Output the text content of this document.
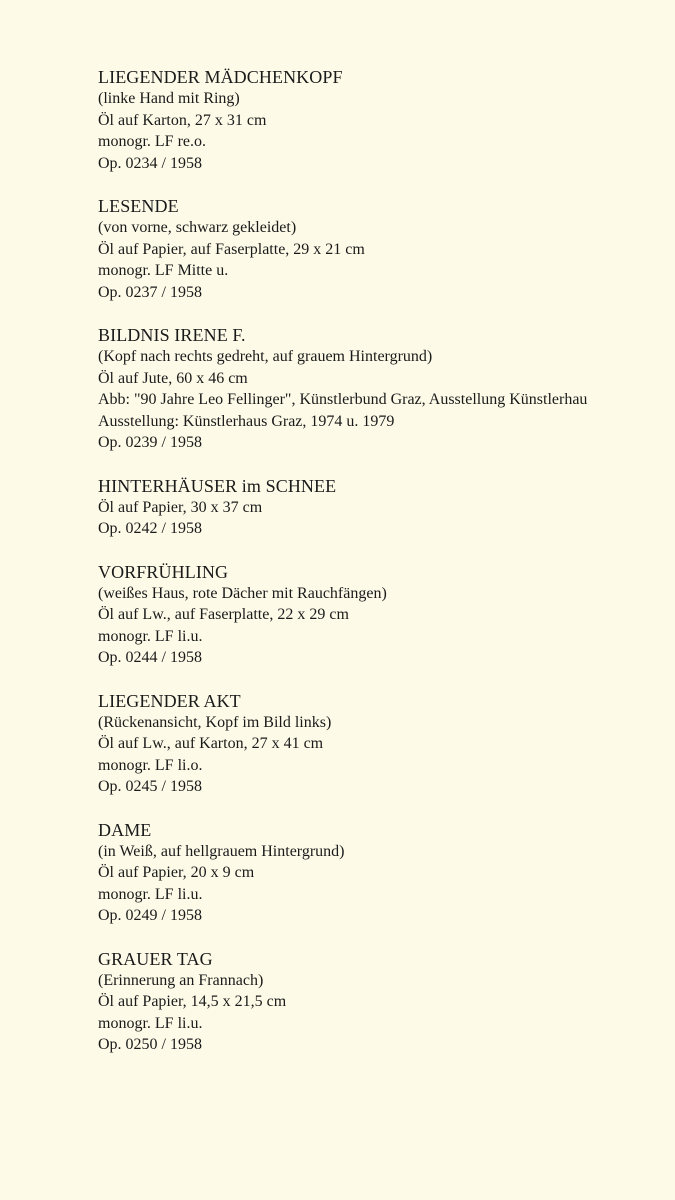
LIEGENDER MÄDCHENKOPF
(linke Hand mit Ring)
Öl auf Karton, 27 x 31 cm
monogr. LF re.o.
Op. 0234 / 1958
LESENDE
(von vorne, schwarz gekleidet)
Öl auf Papier, auf Faserplatte, 29 x 21 cm
monogr. LF Mitte u.
Op. 0237 / 1958
BILDNIS IRENE F.
(Kopf nach rechts gedreht, auf grauem Hintergrund)
Öl auf Jute, 60 x 46 cm
Abb: "90 Jahre Leo Fellinger", Künstlerbund Graz, Ausstellung Künstlerhau
Ausstellung: Künstlerhaus Graz, 1974 u. 1979
Op. 0239 / 1958
HINTERHÄUSER im SCHNEE
Öl auf Papier, 30 x 37 cm
Op. 0242 / 1958
VORFRÜHLING
(weißes Haus, rote Dächer mit Rauchfängen)
Öl auf Lw., auf Faserplatte, 22 x 29 cm
monogr. LF li.u.
Op. 0244 / 1958
LIEGENDER AKT
(Rückenansicht, Kopf im Bild links)
Öl auf Lw., auf Karton, 27 x 41 cm
monogr. LF li.o.
Op. 0245 / 1958
DAME
(in Weiß, auf hellgrauem Hintergrund)
Öl auf Papier, 20 x 9 cm
monogr. LF li.u.
Op. 0249 / 1958
GRAUER TAG
(Erinnerung an Frannach)
Öl auf Papier, 14,5 x 21,5 cm
monogr. LF li.u.
Op. 0250 / 1958
